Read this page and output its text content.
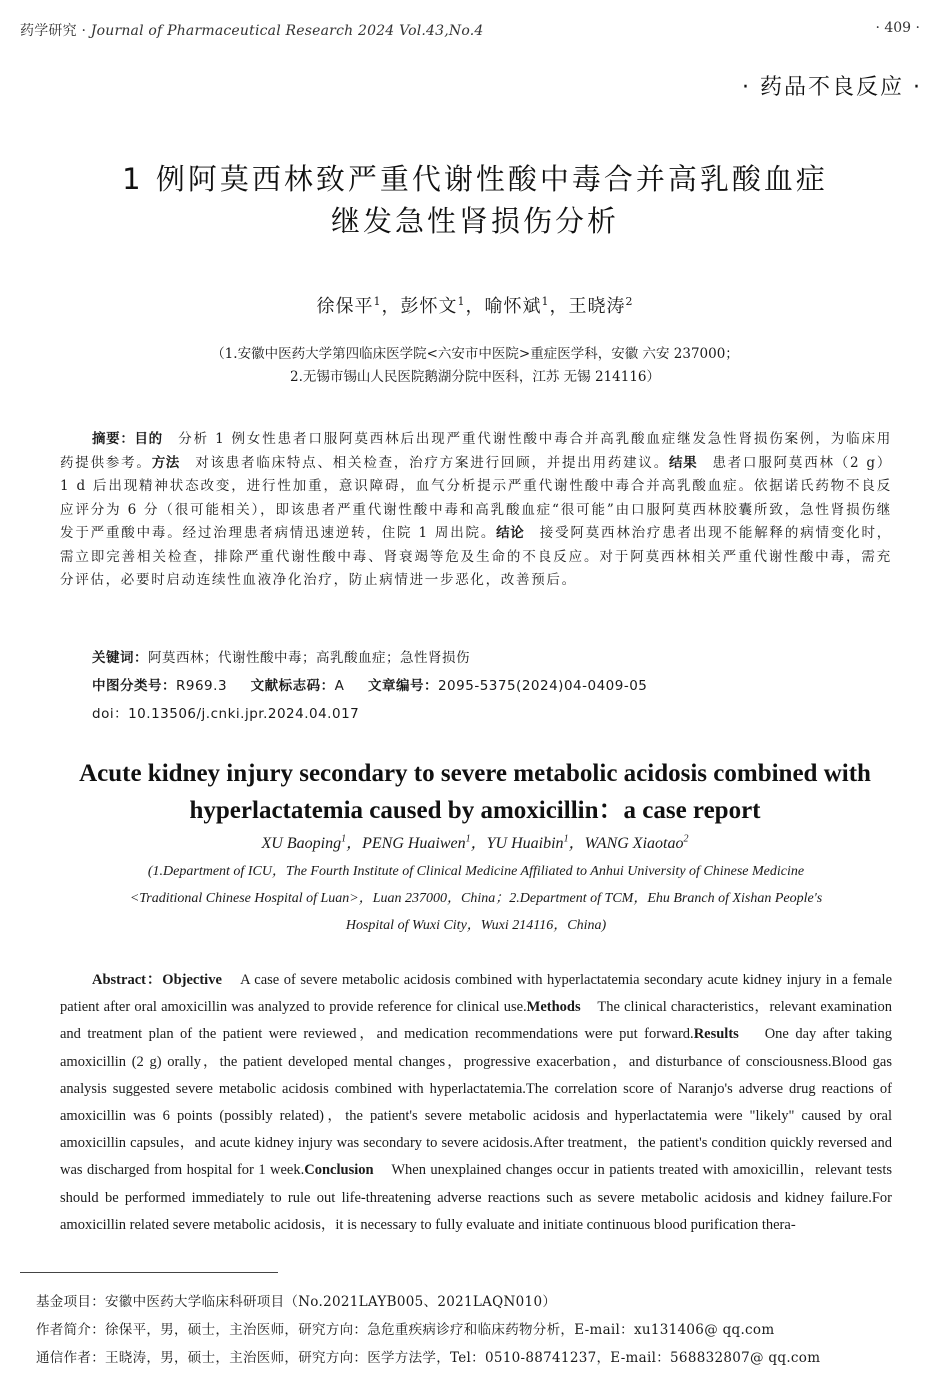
药学研究 · Journal of Pharmaceutical Research 2024 Vol.43,No.4	· 409 ·
· 药品不良反应 ·
1 例阿莫西林致严重代谢性酸中毒合并高乳酸血症
继发急性肾损伤分析
徐保平$^1$，彭怀文$^1$，喻怀斌$^1$，王晓涛$^2$
（1.安徽中医药大学第四临床医学院<六安市中医院>重症医学科，安徽 六安 237000；
2.无锡市锡山人民医院鹅湖分院中医科，江苏 无锡 214116）
摘要：目的　 分析 1 例女性患者口服阿莫西林后出现严重代谢性酸中毒合并高乳酸血症继发急性肾损伤案例，为临床用药提供参考。方法　 对该患者临床特点、相关检查，治疗方案进行回顾，并提出用药建议。结果　 患者口服阿莫西林（2 g）1 d 后出现精神状态改变，进行性加重，意识障碍，血气分析提示严重代谢性酸中毒合并高乳酸血症。依据诺氏药物不良反应评分为 6 分（很可能相关），即该患者严重代谢性酸中毒和高乳酸血症“很可能”由口服阿莫西林胶囊所致，急性肾损伤继发于严重酸中毒。经过治理患者病情迅速逆转，住院 1 周出院。结论　 接受阿莫西林治疗患者出现不能解释的病情变化时，需立即完善相关检查，排除严重代谢性酸中毒、肾衰竭等危及生命的不良反应。对于阿莫西林相关严重代谢性酸中毒，需充分评估，必要时启动连续性血液净化治疗，防止病情进一步恶化，改善预后。
关键词：阿莫西林；代谢性酸中毒；高乳酸血症；急性肾损伤
中图分类号：R969.3 文献标志码：A 文章编号：2095-5375(2024)04-0409-05
doi：10.13506/j.cnki.jpr.2024.04.017
Acute kidney injury secondary to severe metabolic acidosis combined with
hyperlactatemia caused by amoxicillin：a case report
XU Baoping$^1$，PENG Huaiwen$^1$，YU Huaibin$^1$，WANG Xiaotao$^2$
(1.Department of ICU，The Fourth Institute of Clinical Medicine Affiliated to Anhui University of Chinese Medicine
<Traditional Chinese Hospital of Luan>，Luan 237000，China；2.Department of TCM，Ehu Branch of Xishan People's
Hospital of Wuxi City，Wuxi 214116，China)
Abstract：Objective A case of severe metabolic acidosis combined with hyperlactatemia secondary acute kidney injury in a female patient after oral amoxicillin was analyzed to provide reference for clinical use.Methods The clinical characteristics，relevant examination and treatment plan of the patient were reviewed，and medication recommendations were put forward.Results One day after taking amoxicillin (2 g) orally，the patient developed mental changes，progressive exacerbation，and disturbance of consciousness.Blood gas analysis suggested severe metabolic acidosis combined with hyperlactatemia.The correlation score of Naranjo's adverse drug reactions of amoxicillin was 6 points (possibly related)，the patient's severe metabolic acidosis and hyperlactatemia were "likely" caused by oral amoxicillin capsules，and acute kidney injury was secondary to severe acidosis.After treatment，the patient's condition quickly reversed and was discharged from hospital for 1 week.Conclusion When unexplained changes occur in patients treated with amoxicillin，relevant tests should be performed immediately to rule out life-threatening adverse reactions such as severe metabolic acidosis and kidney failure.For amoxicillin related severe metabolic acidosis，it is necessary to fully evaluate and initiate continuous blood purification thera-
基金项目：安徽中医药大学临床科研项目（No.2021LAYB005、2021LAQN010）
作者简介：徐保平，男，硕士，主治医师，研究方向：急危重疾病诊疗和临床药物分析，E-mail：xu131406@ qq.com
通信作者：王晓涛，男，硕士，主治医师，研究方向：医学方法学，Tel：0510-88741237，E-mail：568832807@ qq.com
